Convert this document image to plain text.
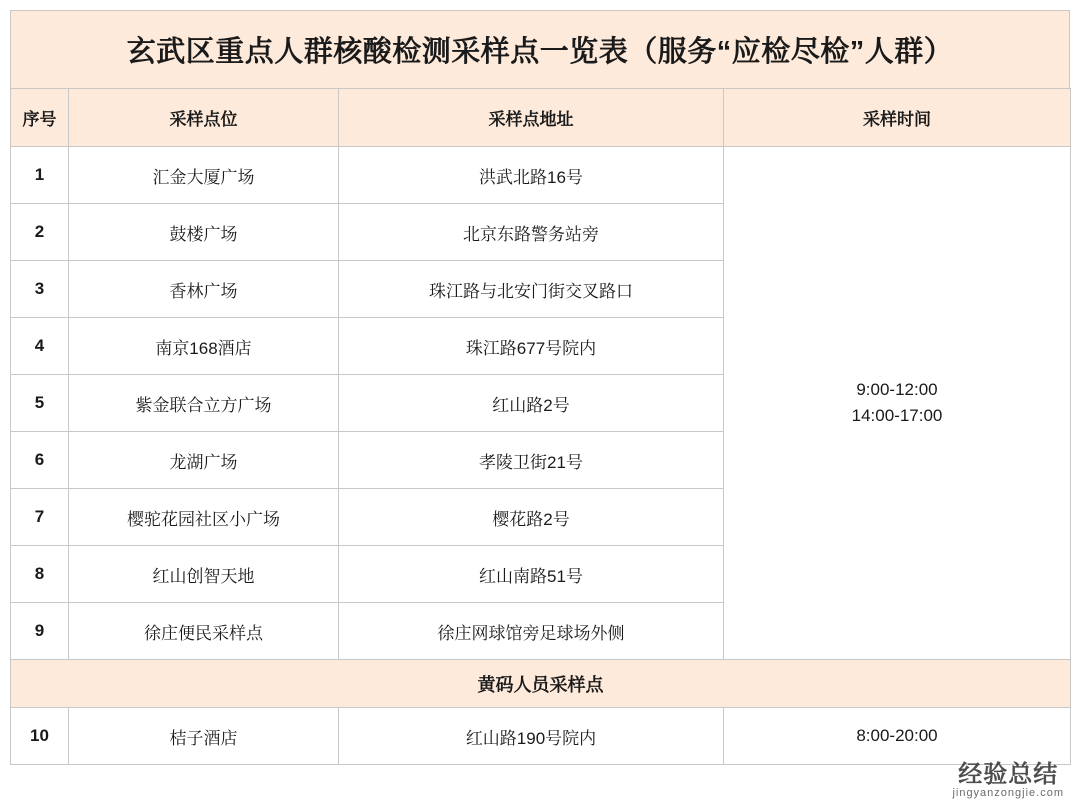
玄武区重点人群核酸检测采样点一览表（服务“应检尽检”人群）
序号	采样点位	采样点地址	采样时间
1	汇金大厦广场	洪武北路16号	9:00-12:00
14:00-17:00

2	鼓楼广场	北京东路警务站旁	
3	香林广场	珠江路与北安门街交叉路口	
4	南京168酒店	珠江路677号院内	
5	紫金联合立方广场	红山路2号	
6	龙湖广场	孝陵卫街21号	
7	樱驼花园社区小广场	樱花路2号	
8	红山创智天地	红山南路51号	
9	徐庄便民采样点	徐庄网球馆旁足球场外侧	
黄码人员采样点			
10	桔子酒店	红山路190号院内	8:00-20:00
经验总结
jingyanzongjie.com
